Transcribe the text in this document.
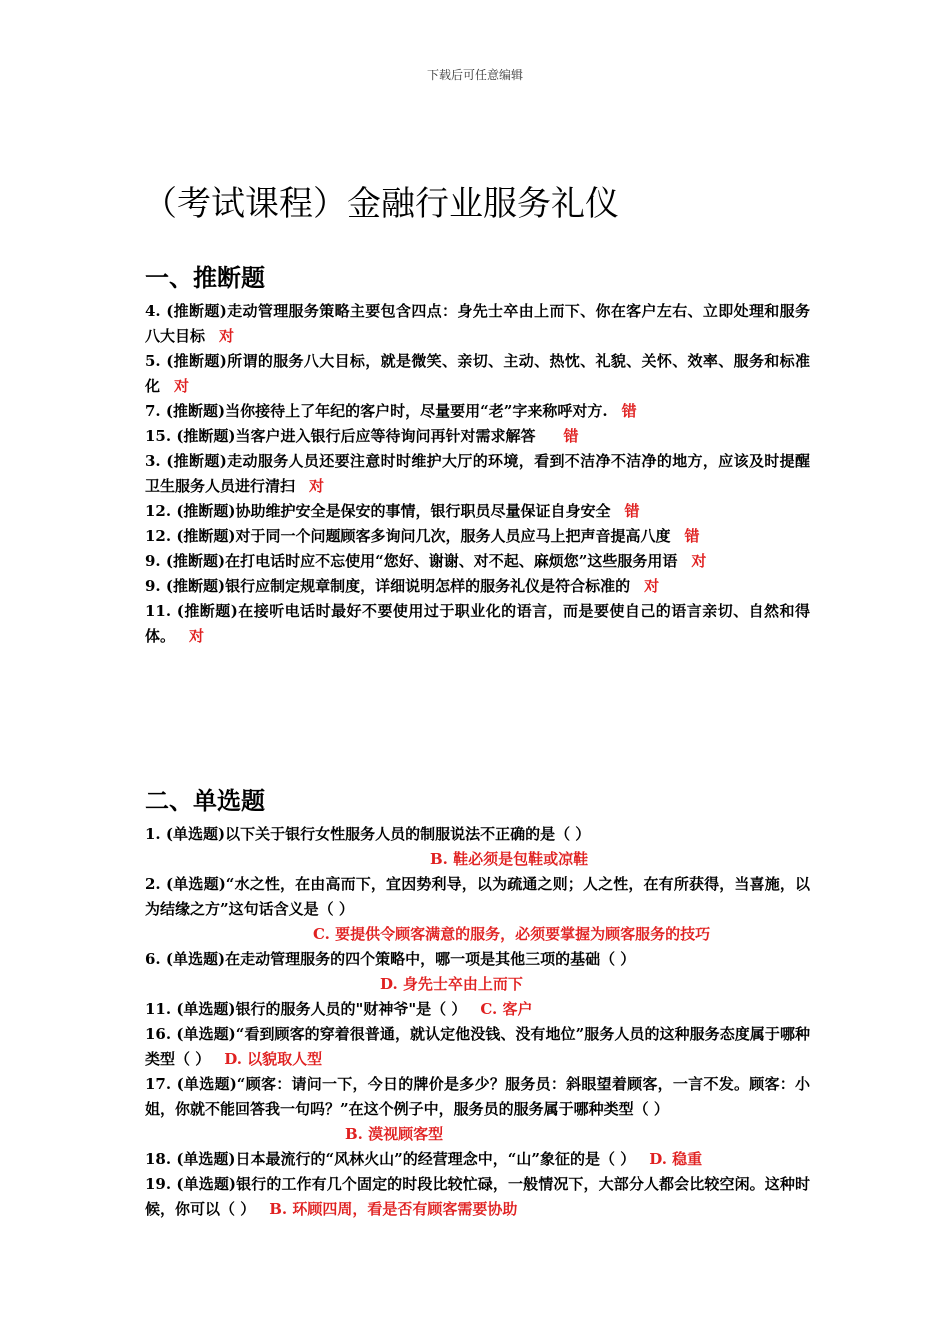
下载后可任意编辑
（考试课程）金融行业服务礼仪
一、推断题
4. (推断题)走动管理服务策略主要包含四点：身先士卒由上而下、你在客户左右、立即处理和服务八大目标 对
5. (推断题)所谓的服务八大目标，就是微笑、亲切、主动、热忱、礼貌、关怀、效率、服务和标准化 对
7. (推断题)当你接待上了年纪的客户时，尽量要用“老”字来称呼对方. 错
15. (推断题)当客户进入银行后应等待询问再针对需求解答 错
3. (推断题)走动服务人员还要注意时时维护大厅的环境，看到不洁净不洁净的地方，应该及时提醒卫生服务人员进行清扫 对
12. (推断题)协助维护安全是保安的事情，银行职员尽量保证自身安全 错
12. (推断题)对于同一个问题顾客多询问几次，服务人员应马上把声音提高八度 错
9. (推断题)在打电话时应不忘使用“您好、谢谢、对不起、麻烦您”这些服务用语 对
9. (推断题)银行应制定规章制度，详细说明怎样的服务礼仪是符合标准的 对
11. (推断题)在接听电话时最好不要使用过于职业化的语言，而是要使自己的语言亲切、自然和得体。 对
二、单选题
1. (单选题)以下关于银行女性服务人员的制服说法不正确的是（ ）
B. 鞋必须是包鞋或凉鞋
2. (单选题)“水之性，在由高而下，宜因势利导，以为疏通之则；人之性，在有所获得，当喜施，以为结缘之方”这句话含义是（ ）
C. 要提供令顾客满意的服务，必须要掌握为顾客服务的技巧
6. (单选题)在走动管理服务的四个策略中，哪一项是其他三项的基础（ ）
D. 身先士卒由上而下
11. (单选题)银行的服务人员的"财神爷"是（ ） C. 客户
16. (单选题)“看到顾客的穿着很普通，就认定他没钱、没有地位”服务人员的这种服务态度属于哪种类型（ ） D. 以貌取人型
17. (单选题)“顾客：请问一下，今日的牌价是多少？服务员：斜眼望着顾客，一言不发。顾客：小姐，你就不能回答我一句吗？”在这个例子中，服务员的服务属于哪种类型（ ）
B. 漠视顾客型
18. (单选题)日本最流行的“风林火山”的经营理念中，“山”象征的是（ ） D. 稳重
19. (单选题)银行的工作有几个固定的时段比较忙碌，一般情况下，大部分人都会比较空闲。这种时候，你可以（ ） B. 环顾四周，看是否有顾客需要协助
